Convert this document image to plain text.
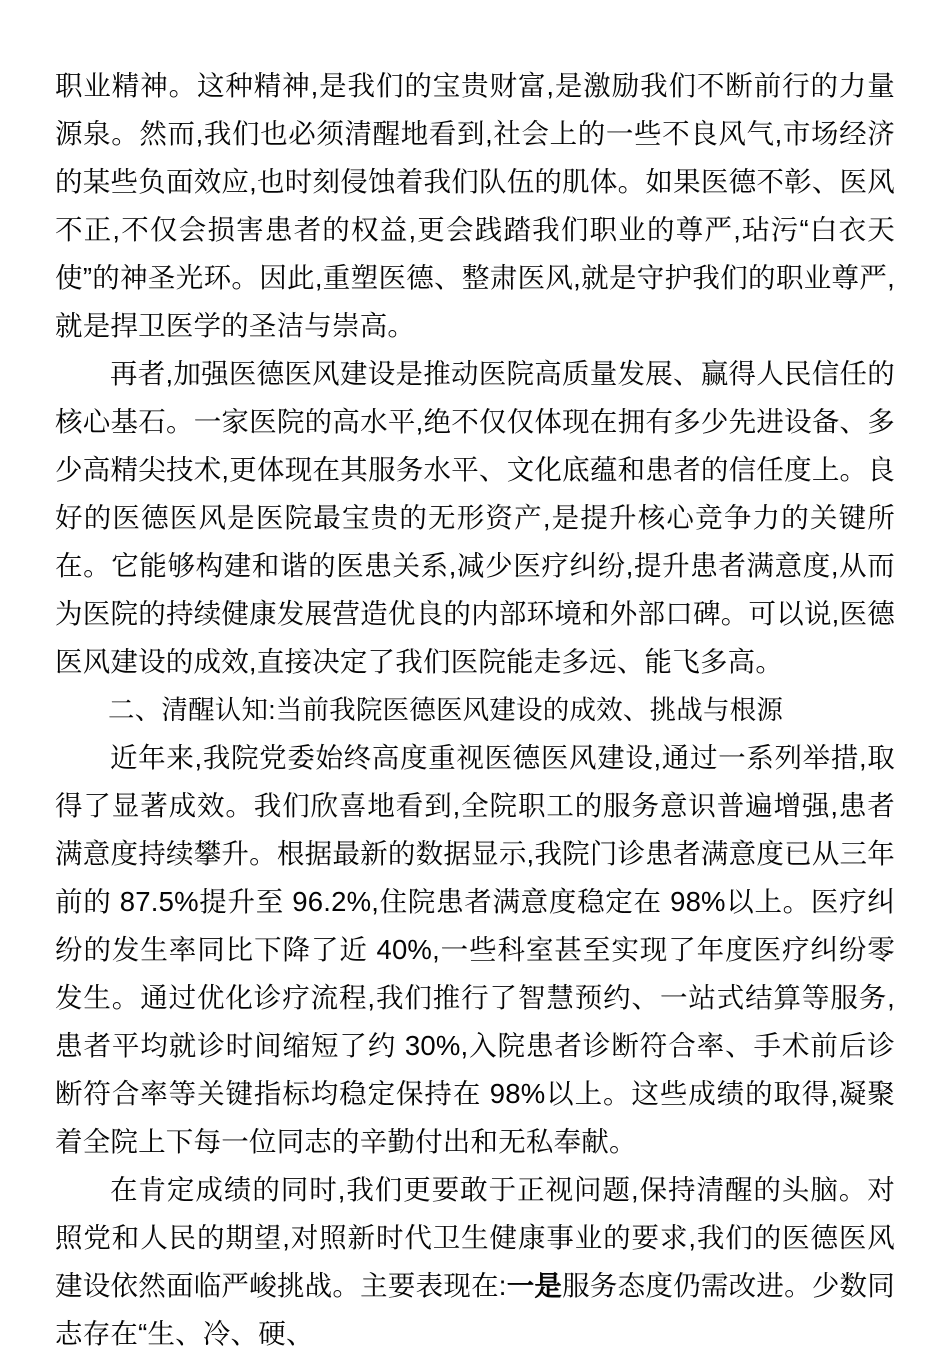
职业精神。这种精神,是我们的宝贵财富,是激励我们不断前行的力量源泉。然而,我们也必须清醒地看到,社会上的一些不良风气,市场经济的某些负面效应,也时刻侵蚀着我们队伍的肌体。如果医德不彰、医风不正,不仅会损害患者的权益,更会践踏我们职业的尊严,玷污“白衣天使”的神圣光环。因此,重塑医德、整肃医风,就是守护我们的职业尊严,就是捍卫医学的圣洁与崇高。

再者,加强医德医风建设是推动医院高质量发展、赢得人民信任的核心基石。一家医院的高水平,绝不仅仅体现在拥有多少先进设备、多少高精尖技术,更体现在其服务水平、文化底蕴和患者的信任度上。良好的医德医风是医院最宝贵的无形资产,是提升核心竞争力的关键所在。它能够构建和谐的医患关系,减少医疗纠纷,提升患者满意度,从而为医院的持续健康发展营造优良的内部环境和外部口碑。可以说,医德医风建设的成效,直接决定了我们医院能走多远、能飞多高。

二、清醒认知:当前我院医德医风建设的成效、挑战与根源

近年来,我院党委始终高度重视医德医风建设,通过一系列举措,取得了显著成效。我们欣喜地看到,全院职工的服务意识普遍增强,患者满意度持续攀升。根据最新的数据显示,我院门诊患者满意度已从三年前的 87.5%提升至 96.2%,住院患者满意度稳定在 98%以上。医疗纠纷的发生率同比下降了近 40%,一些科室甚至实现了年度医疗纠纷零发生。通过优化诊疗流程,我们推行了智慧预约、一站式结算等服务,患者平均就诊时间缩短了约 30%,入院患者诊断符合率、手术前后诊断符合率等关键指标均稳定保持在 98%以上。这些成绩的取得,凝聚着全院上下每一位同志的辛勤付出和无私奉献。

在肯定成绩的同时,我们更要敢于正视问题,保持清醒的头脑。对照党和人民的期望,对照新时代卫生健康事业的要求,我们的医德医风建设依然面临严峻挑战。主要表现在:一是服务态度仍需改进。少数同志存在“生、冷、硬、
